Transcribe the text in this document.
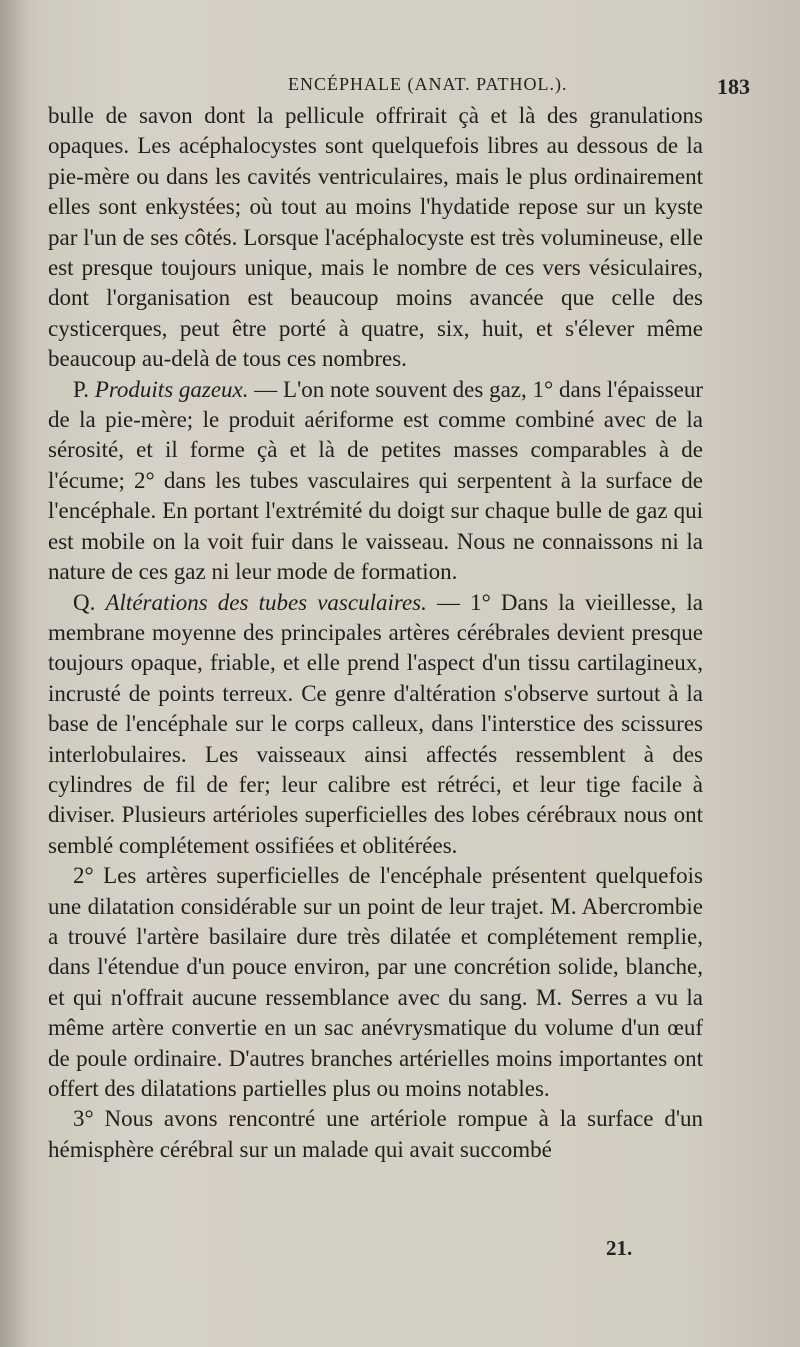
ENCÉPHALE (ANAT. PATHOL.).	183

bulle de savon dont la pellicule offrirait çà et là des granulations opaques. Les acéphalocystes sont quelquefois libres au dessous de la pie-mère ou dans les cavités ventriculaires, mais le plus ordinairement elles sont enkystées; où tout au moins l'hydatide repose sur un kyste par l'un de ses côtés. Lorsque l'acéphalocyste est très volumineuse, elle est presque toujours unique, mais le nombre de ces vers vésiculaires, dont l'organisation est beaucoup moins avancée que celle des cysticerques, peut être porté à quatre, six, huit, et s'élever même beaucoup au-delà de tous ces nombres.

P. Produits gazeux. — L'on note souvent des gaz, 1° dans l'épaisseur de la pie-mère; le produit aériforme est comme combiné avec de la sérosité, et il forme çà et là de petites masses comparables à de l'écume; 2° dans les tubes vasculaires qui serpentent à la surface de l'encéphale. En portant l'extrémité du doigt sur chaque bulle de gaz qui est mobile on la voit fuir dans le vaisseau. Nous ne connaissons ni la nature de ces gaz ni leur mode de formation.

Q. Altérations des tubes vasculaires. — 1° Dans la vieillesse, la membrane moyenne des principales artères cérébrales devient presque toujours opaque, friable, et elle prend l'aspect d'un tissu cartilagineux, incrusté de points terreux. Ce genre d'altération s'observe surtout à la base de l'encéphale sur le corps calleux, dans l'interstice des scissures interlobulaires. Les vaisseaux ainsi affectés ressemblent à des cylindres de fil de fer; leur calibre est rétréci, et leur tige facile à diviser. Plusieurs artérioles superficielles des lobes cérébraux nous ont semblé complétement ossifiées et oblitérées.

2° Les artères superficielles de l'encéphale présentent quelquefois une dilatation considérable sur un point de leur trajet. M. Abercrombie a trouvé l'artère basilaire dure très dilatée et complétement remplie, dans l'étendue d'un pouce environ, par une concrétion solide, blanche, et qui n'offrait aucune ressemblance avec du sang. M. Serres a vu la même artère convertie en un sac anévrysmatique du volume d'un œuf de poule ordinaire. D'autres branches artérielles moins importantes ont offert des dilatations partielles plus ou moins notables.

3° Nous avons rencontré une artériole rompue à la surface d'un hémisphère cérébral sur un malade qui avait succombé

21.
